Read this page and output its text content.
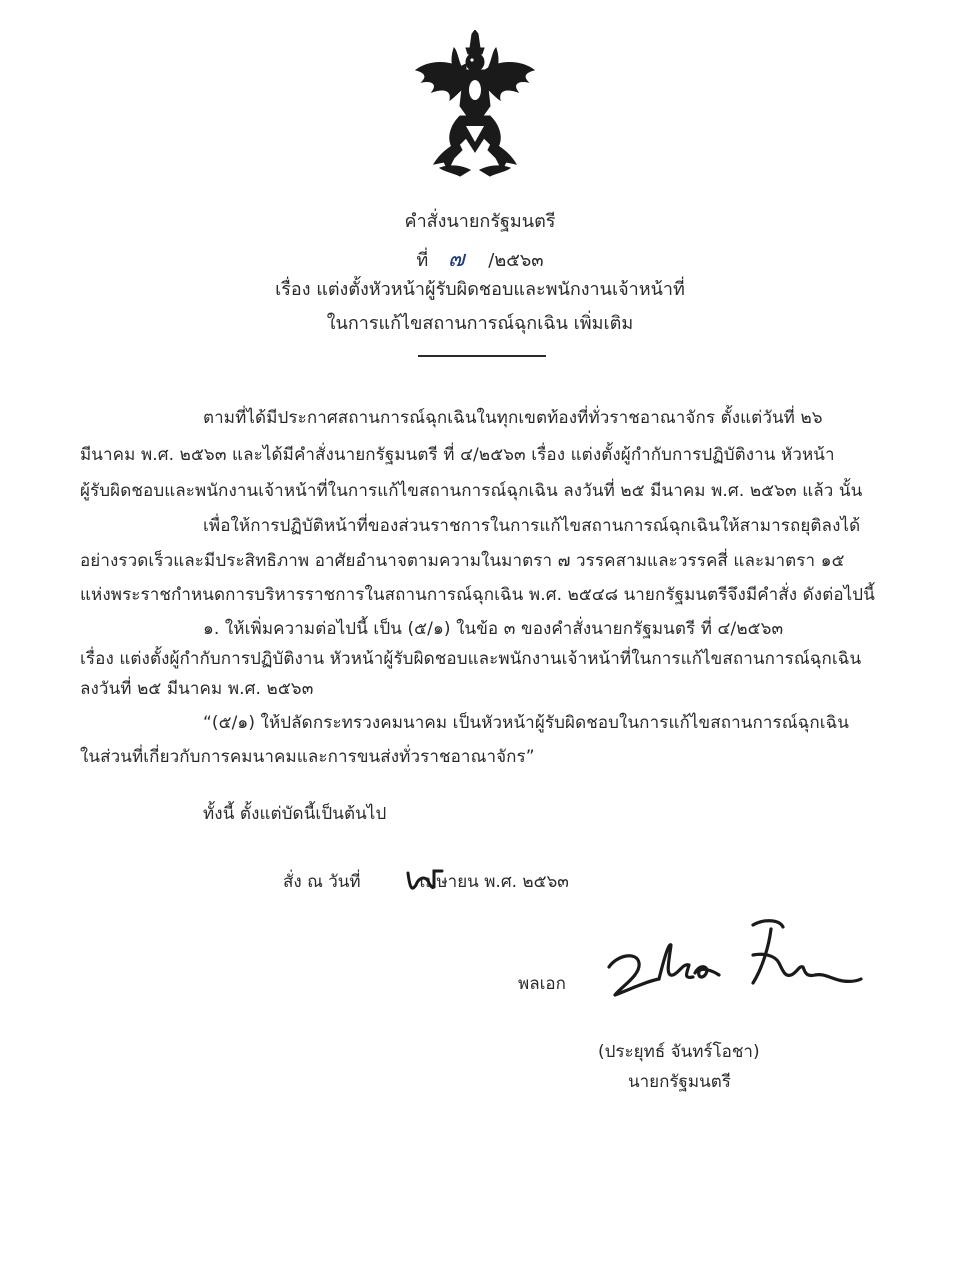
คำสั่งนายกรัฐมนตรี
ที่ ๗ /๒๕๖๓
เรื่อง แต่งตั้งหัวหน้าผู้รับผิดชอบและพนักงานเจ้าหน้าที่
ในการแก้ไขสถานการณ์ฉุกเฉิน เพิ่มเติม
ตามที่ได้มีประกาศสถานการณ์ฉุกเฉินในทุกเขตท้องที่ทั่วราชอาณาจักร ตั้งแต่วันที่ ๒๖
มีนาคม พ.ศ. ๒๕๖๓ และได้มีคำสั่งนายกรัฐมนตรี ที่ ๔/๒๕๖๓ เรื่อง แต่งตั้งผู้กำกับการปฏิบัติงาน หัวหน้า
ผู้รับผิดชอบและพนักงานเจ้าหน้าที่ในการแก้ไขสถานการณ์ฉุกเฉิน ลงวันที่ ๒๕ มีนาคม พ.ศ. ๒๕๖๓ แล้ว นั้น
เพื่อให้การปฏิบัติหน้าที่ของส่วนราชการในการแก้ไขสถานการณ์ฉุกเฉินให้สามารถยุติลงได้
อย่างรวดเร็วและมีประสิทธิภาพ อาศัยอำนาจตามความในมาตรา ๗ วรรคสามและวรรคสี่ และมาตรา ๑๕
แห่งพระราชกำหนดการบริหารราชการในสถานการณ์ฉุกเฉิน พ.ศ. ๒๕๔๘ นายกรัฐมนตรีจึงมีคำสั่ง ดังต่อไปนี้
๑. ให้เพิ่มความต่อไปนี้ เป็น (๕/๑) ในข้อ ๓ ของคำสั่งนายกรัฐมนตรี ที่ ๔/๒๕๖๓
เรื่อง แต่งตั้งผู้กำกับการปฏิบัติงาน หัวหน้าผู้รับผิดชอบและพนักงานเจ้าหน้าที่ในการแก้ไขสถานการณ์ฉุกเฉิน
ลงวันที่ ๒๕ มีนาคม พ.ศ. ๒๕๖๓
“(๕/๑) ให้ปลัดกระทรวงคมนาคม เป็นหัวหน้าผู้รับผิดชอบในการแก้ไขสถานการณ์ฉุกเฉิน
ในส่วนที่เกี่ยวกับการคมนาคมและการขนส่งทั่วราชอาณาจักร”
ทั้งนี้ ตั้งแต่บัดนี้เป็นต้นไป
สั่ง ณ วันที่	เมษายน พ.ศ. ๒๕๖๓
พลเอก
(ประยุทธ์ จันทร์โอชา)
นายกรัฐมนตรี
